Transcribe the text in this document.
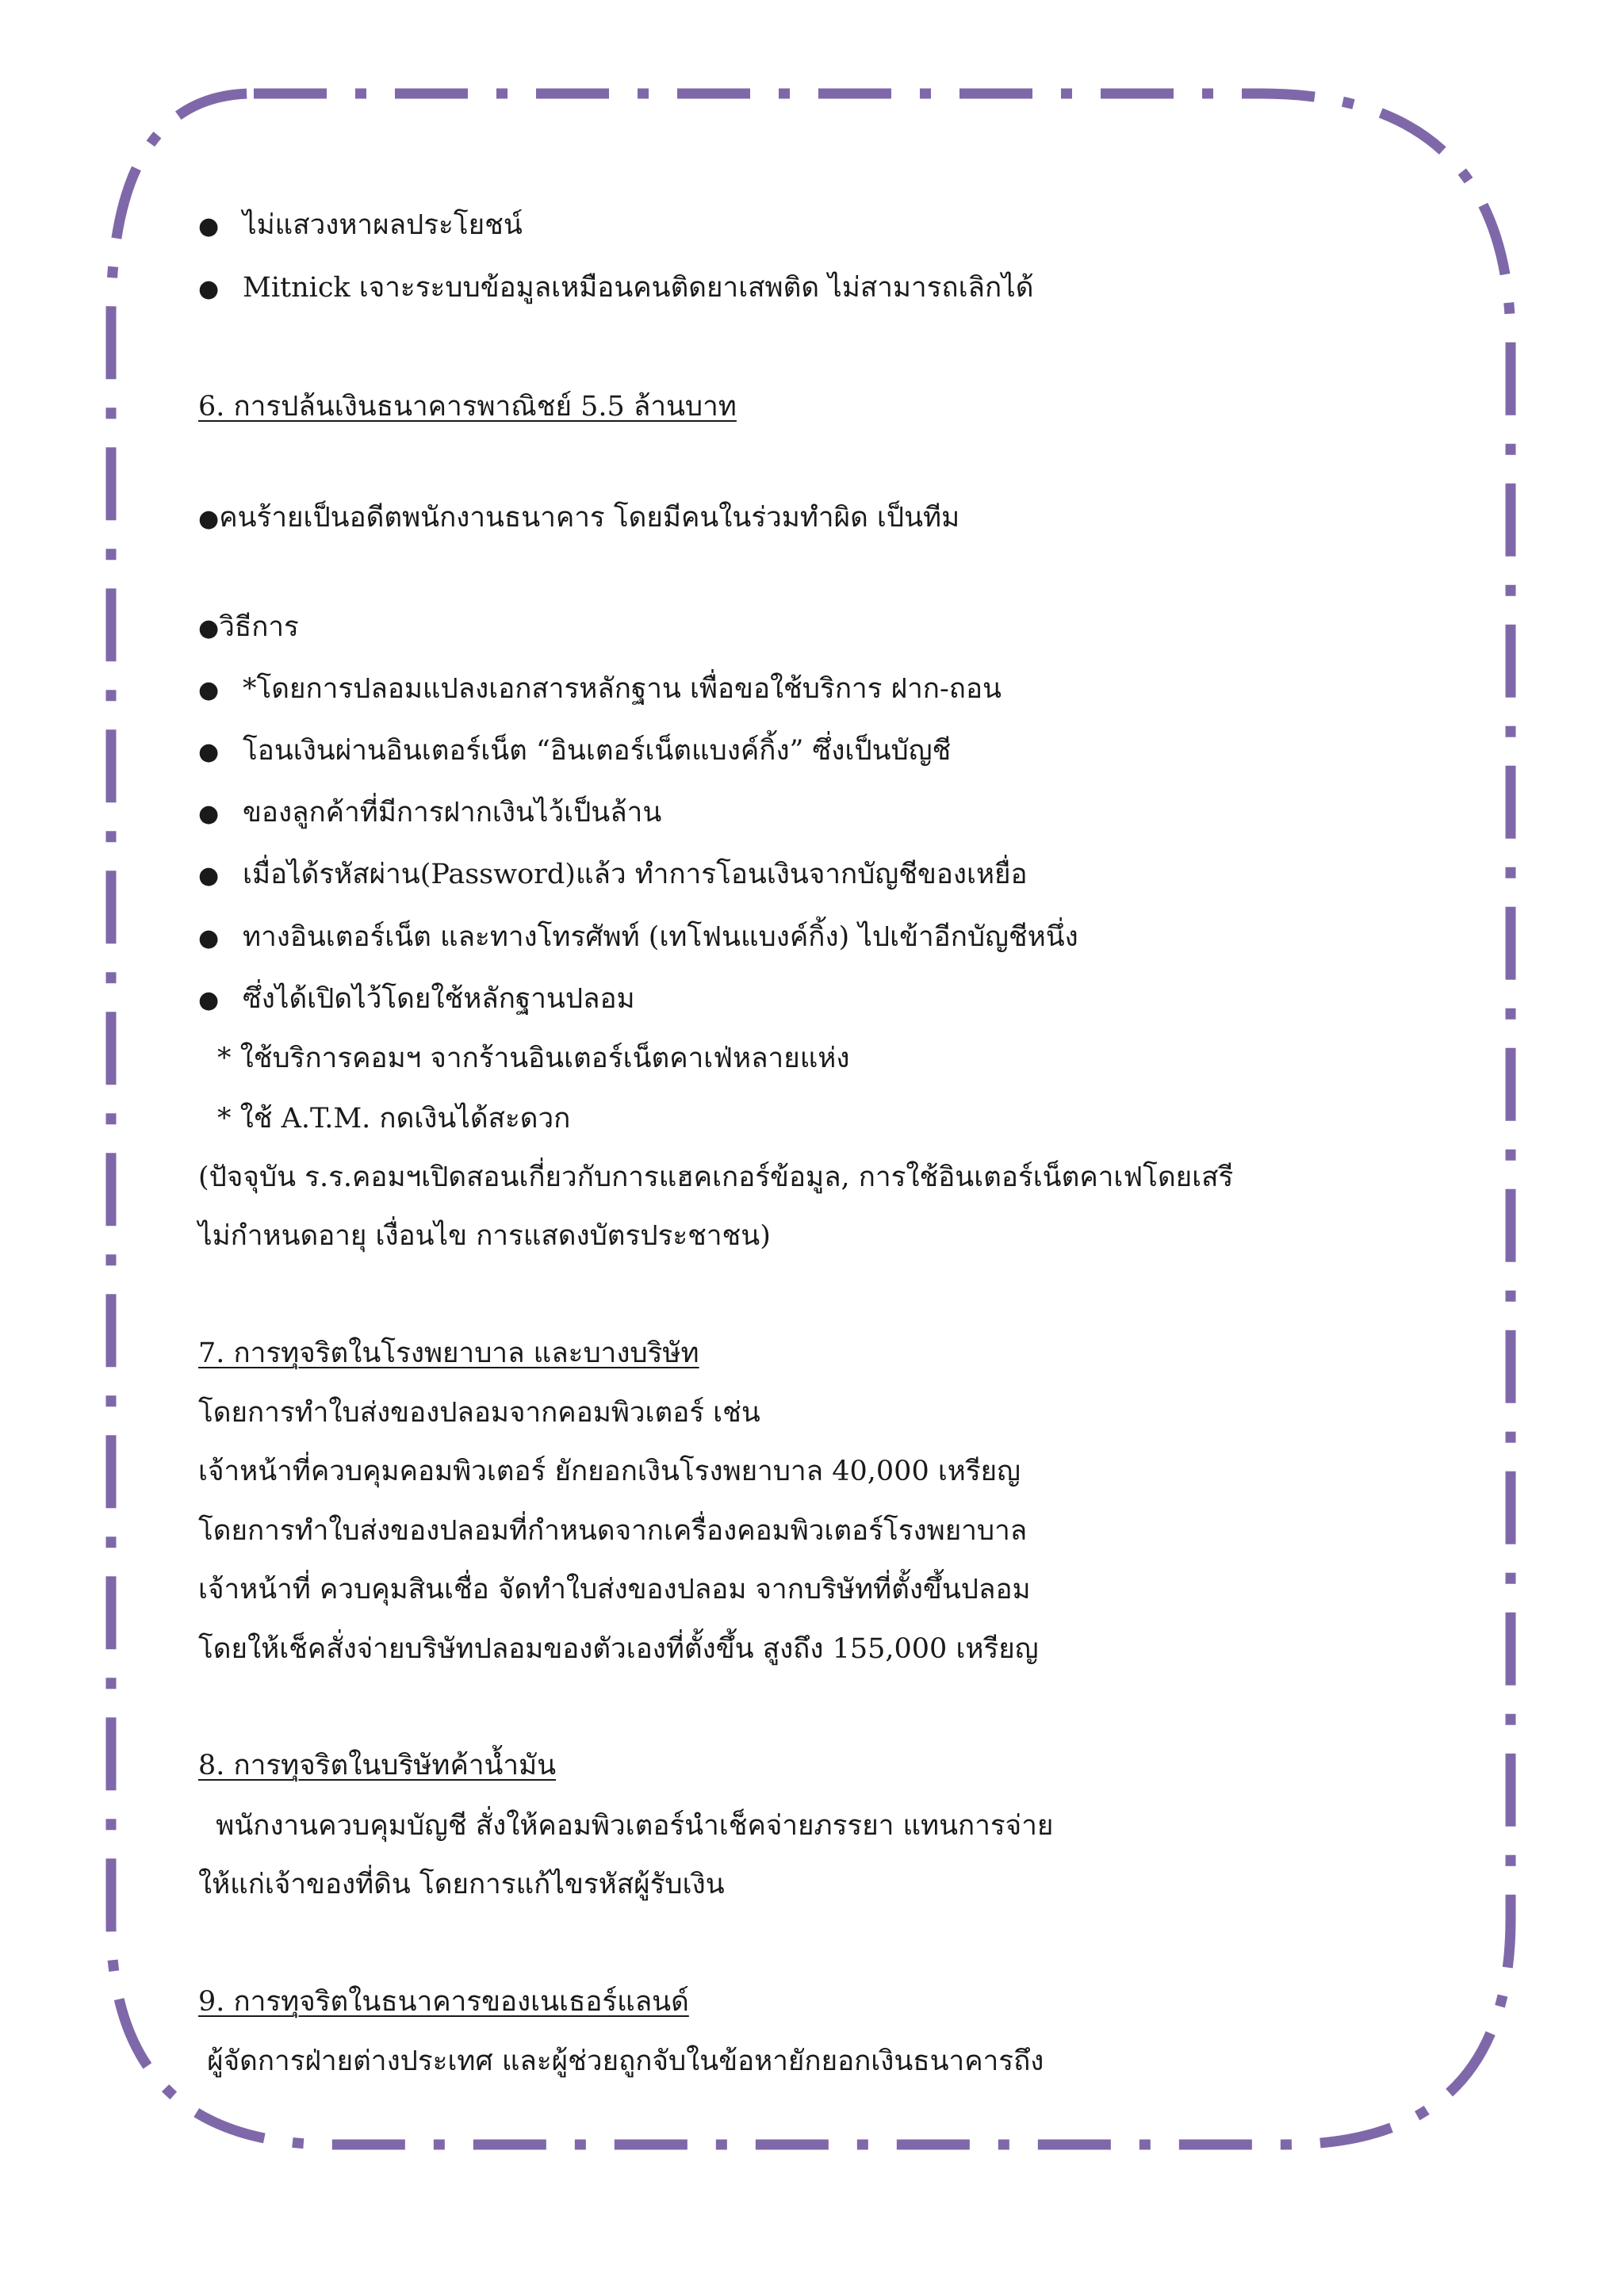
● ไม่แสวงหาผลประโยชน์
● Mitnick เจาะระบบข้อมูลเหมือนคนติดยาเสพติด ไม่สามารถเลิกได้
6. การปล้นเงินธนาคารพาณิชย์ 5.5 ล้านบาท
●คนร้ายเป็นอดีตพนักงานธนาคาร โดยมีคนในร่วมทำผิด เป็นทีม
●วิธีการ
● *โดยการปลอมแปลงเอกสารหลักฐาน เพื่อขอใช้บริการ ฝาก-ถอน
● โอนเงินผ่านอินเตอร์เน็ต “อินเตอร์เน็ตแบงค์กิ้ง” ซึ่งเป็นบัญชี
● ของลูกค้าที่มีการฝากเงินไว้เป็นล้าน
● เมื่อได้รหัสผ่าน(Password)แล้ว ทำการโอนเงินจากบัญชีของเหยื่อ
● ทางอินเตอร์เน็ต และทางโทรศัพท์ (เทโฟนแบงค์กิ้ง) ไปเข้าอีกบัญชีหนึ่ง
● ซึ่งได้เปิดไว้โดยใช้หลักฐานปลอม
* ใช้บริการคอมฯ จากร้านอินเตอร์เน็ตคาเฟ่หลายแห่ง
* ใช้ A.T.M. กดเงินได้สะดวก
(ปัจจุบัน ร.ร.คอมฯเปิดสอนเกี่ยวกับการแฮคเกอร์ข้อมูล, การใช้อินเตอร์เน็ตคาเฟโดยเสรี
ไม่กำหนดอายุ เงื่อนไข การแสดงบัตรประชาชน)
7. การทุจริตในโรงพยาบาล และบางบริษัท
โดยการทำใบส่งของปลอมจากคอมพิวเตอร์ เช่น
เจ้าหน้าที่ควบคุมคอมพิวเตอร์ ยักยอกเงินโรงพยาบาล 40,000 เหรียญ
โดยการทำใบส่งของปลอมที่กำหนดจากเครื่องคอมพิวเตอร์โรงพยาบาล
เจ้าหน้าที่ ควบคุมสินเชื่อ จัดทำใบส่งของปลอม จากบริษัทที่ตั้งขึ้นปลอม
โดยให้เช็คสั่งจ่ายบริษัทปลอมของตัวเองที่ตั้งขึ้น สูงถึง 155,000 เหรียญ
8. การทุจริตในบริษัทค้าน้ำมัน
พนักงานควบคุมบัญชี สั่งให้คอมพิวเตอร์นำเช็คจ่ายภรรยา แทนการจ่าย
ให้แก่เจ้าของที่ดิน โดยการแก้ไขรหัสผู้รับเงิน
9. การทุจริตในธนาคารของเนเธอร์แลนด์
ผู้จัดการฝ่ายต่างประเทศ และผู้ช่วยถูกจับในข้อหายักยอกเงินธนาคารถึง
